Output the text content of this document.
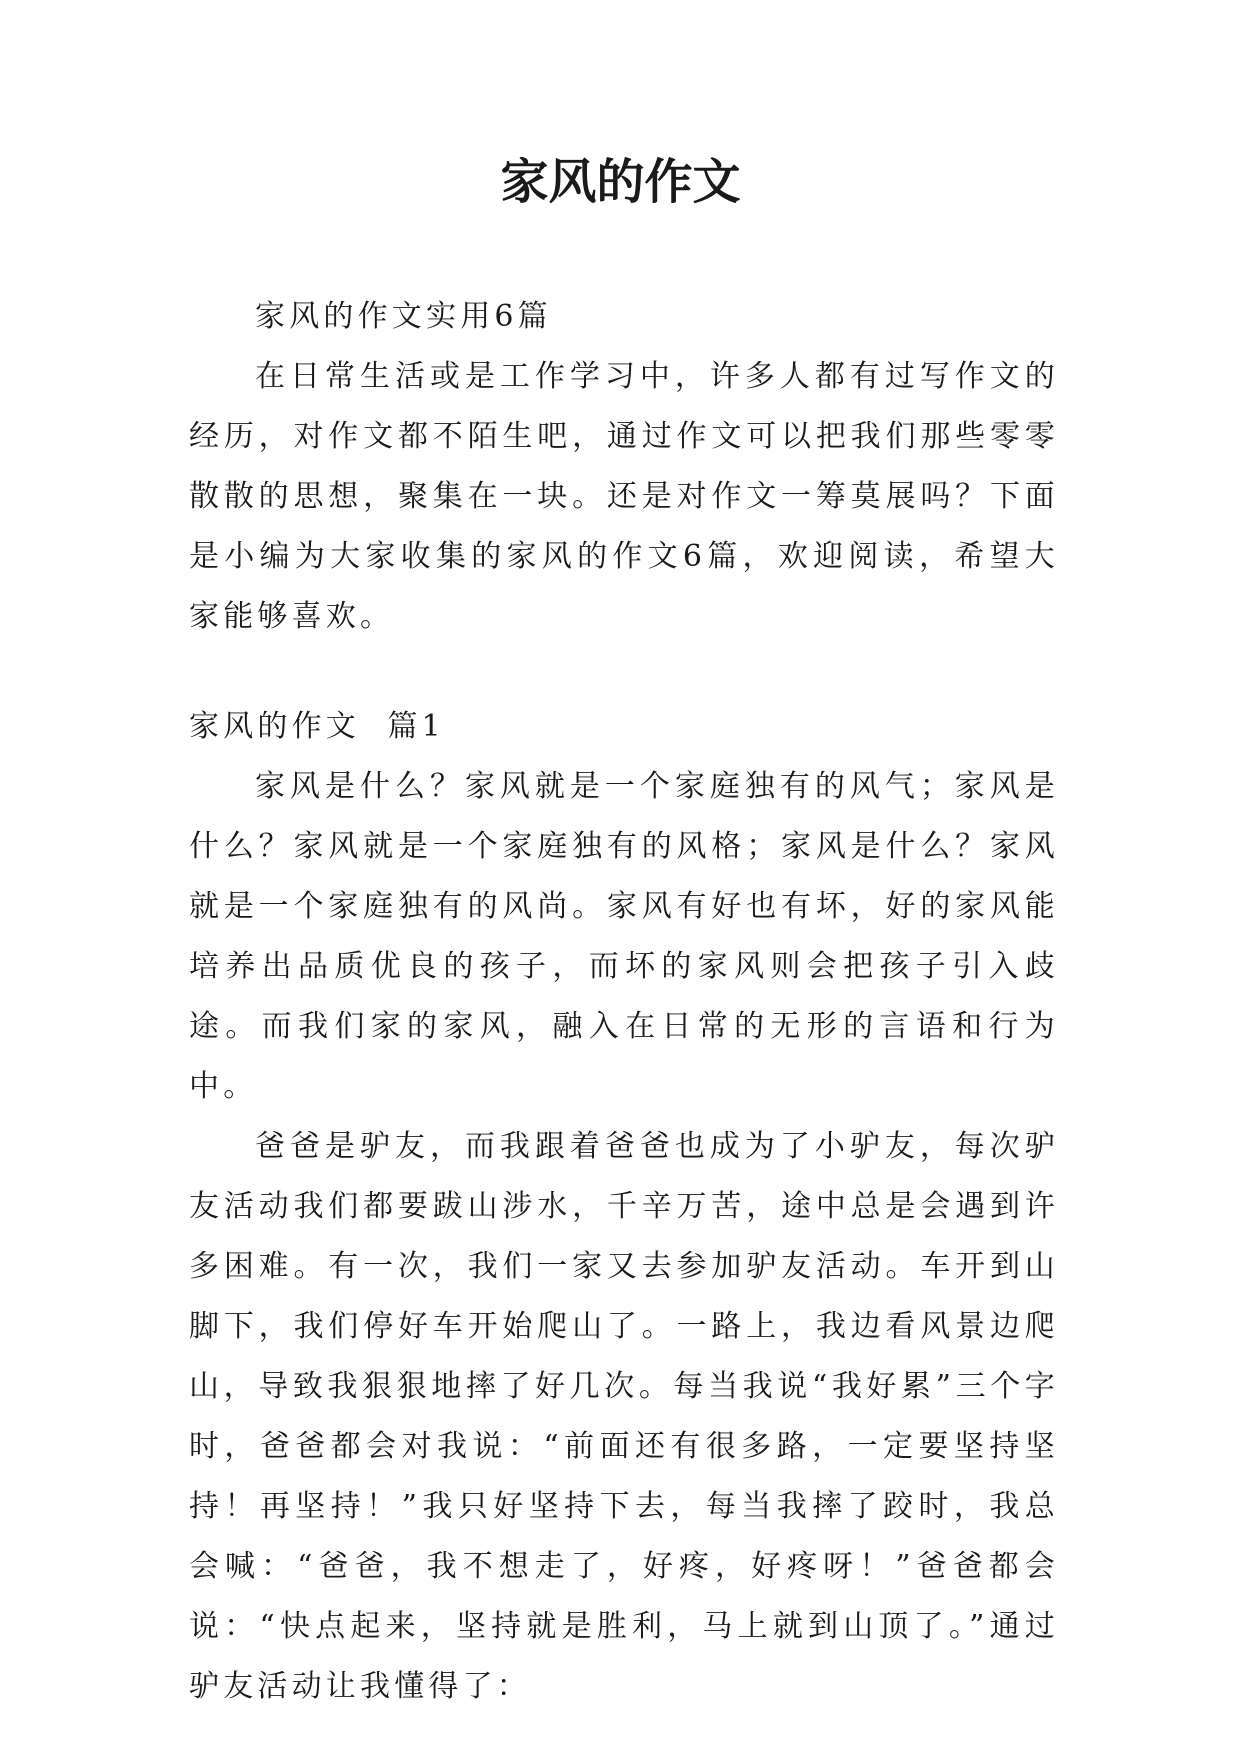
家风的作文

家风的作文实用6篇

在日常生活或是工作学习中，许多人都有过写作文的经历，对作文都不陌生吧，通过作文可以把我们那些零零散散的思想，聚集在一块。还是对作文一筹莫展吗？下面是小编为大家收集的家风的作文6篇，欢迎阅读，希望大家能够喜欢。

家风的作文  篇1

家风是什么？家风就是一个家庭独有的风气；家风是什么？家风就是一个家庭独有的风格；家风是什么？家风就是一个家庭独有的风尚。家风有好也有坏，好的家风能培养出品质优良的孩子，而坏的家风则会把孩子引入歧途。而我们家的家风，融入在日常的无形的言语和行为中。

爸爸是驴友，而我跟着爸爸也成为了小驴友，每次驴友活动我们都要跋山涉水，千辛万苦，途中总是会遇到许多困难。有一次，我们一家又去参加驴友活动。车开到山脚下，我们停好车开始爬山了。一路上，我边看风景边爬山，导致我狠狠地摔了好几次。每当我说“我好累”三个字时，爸爸都会对我说：“前面还有很多路，一定要坚持坚持！再坚持！”我只好坚持下去，每当我摔了跤时，我总会喊：“爸爸，我不想走了，好疼，好疼呀！”爸爸都会说：“快点起来，坚持就是胜利，马上就到山顶了。”通过驴友活动让我懂得了：
